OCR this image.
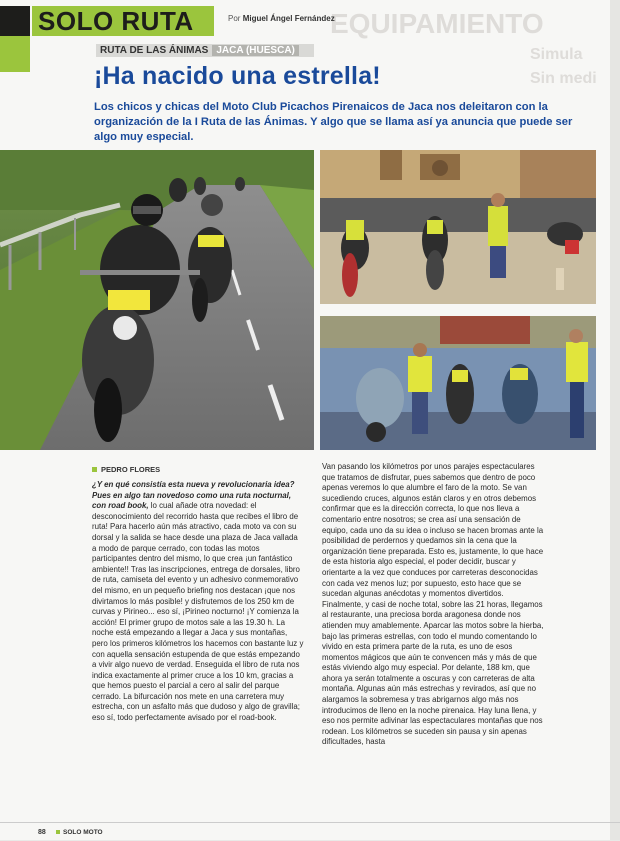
EQUIPAMIENTO
Simula
Sin medi
SOLO RUTA	Por Miguel Ángel Fernández
RUTA DE LAS ÁNIMAS JACA (HUESCA)
¡Ha nacido una estrella!
Los chicos y chicas del Moto Club Picachos Pirenaicos de Jaca nos deleitaron con la organización de la I Ruta de las Ánimas. Y algo que se llama así ya anuncia que puede ser algo muy especial.
PEDRO FLORES

¿Y en qué consistía esta nueva y revolucionaria idea? Pues en algo tan novedoso como una ruta nocturnal, con road book, lo cual añade otra novedad: el desconocimiento del recorrido hasta que recibes el libro de ruta! Para hacerlo aún más atractivo, cada moto va con su dorsal y la salida se hace desde una plaza de Jaca vallada a modo de parque cerrado, con todas las motos participantes dentro del mismo, lo que crea ¡un fantástico ambiente!! Tras las inscripciones, entrega de dorsales, libro de ruta, camiseta del evento y un adhesivo conmemorativo del mismo, en un pequeño briefing nos destacan ¡que nos divirtamos lo más posible! y disfrutemos de los 250 km de curvas y Pirineo... eso sí, ¡Pirineo nocturno! ¡Y comienza la acción! El primer grupo de motos sale a las 19.30 h. La noche está empezando a llegar a Jaca y sus montañas, pero los primeros kilómetros los hacemos con bastante luz y con aquella sensación estupenda de que estás empezando a vivir algo nuevo de verdad. Enseguida el libro de ruta nos indica exactamente al primer cruce a los 10 km, gracias a que hemos puesto el parcial a cero al salir del parque cerrado. La bifurcación nos mete en una carretera muy estrecha, con un asfalto más que dudoso y algo de gravilla; eso sí, todo perfectamente avisado por el road-book.

Van pasando los kilómetros por unos parajes espectaculares que tratamos de disfrutar, pues sabemos que dentro de poco apenas veremos lo que alumbre el faro de la moto. Se van sucediendo cruces, algunos están claros y en otros debemos confirmar que es la dirección correcta, lo que nos lleva a comentario entre nosotros; se crea así una sensación de equipo, cada uno da su idea o incluso se hacen bromas ante la posibilidad de perdernos y quedamos sin la cena que la organización tiene preparada. Esto es, justamente, lo que hace de esta historia algo especial, el poder decidir, buscar y orientarte a la vez que conduces por carreteras desconocidas con cada vez menos luz; por supuesto, esto hace que se sucedan algunas anécdotas y momentos divertidos. Finalmente, y casi de noche total, sobre las 21 horas, llegamos al restaurante, una preciosa borda aragonesa donde nos atienden muy amablemente. Aparcar las motos sobre la hierba, bajo las primeras estrellas, con todo el mundo comentando lo vivido en esta primera parte de la ruta, es uno de esos momentos mágicos que aún te convencen más y más de que estás viviendo algo muy especial. Por delante, 188 km, que ahora ya serán totalmente a oscuras y con carreteras de alta montaña. Algunas aún más estrechas y revirados, así que no alargamos la sobremesa y tras abrigarnos algo más nos introducimos de lleno en la noche pirenaica. Hay luna llena, y eso nos permite adivinar las espectaculares montañas que nos rodean. Los kilómetros se suceden sin pausa y sin apenas dificultades, hasta

88	SOLO MOTO
